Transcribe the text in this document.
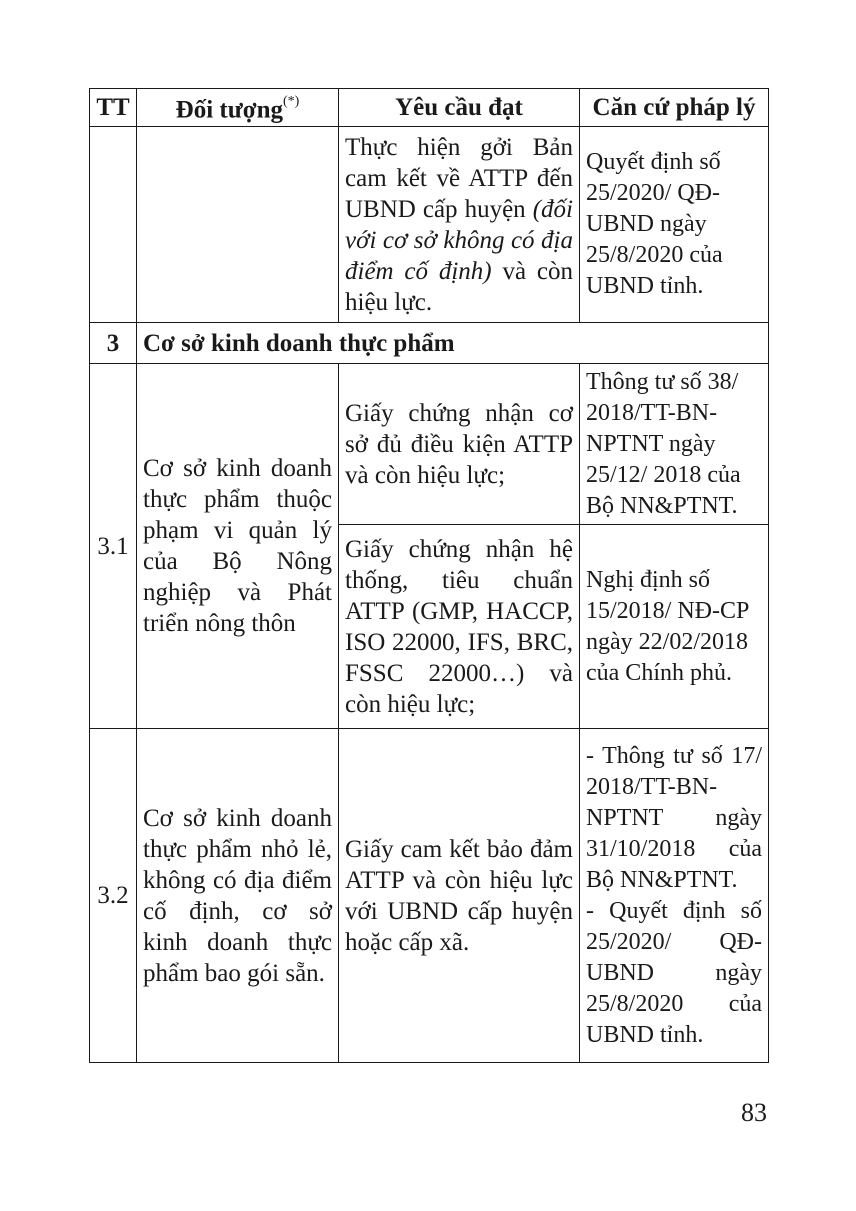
TT	Đối tượng(*)	Yêu cầu đạt	Căn cứ pháp lý
		Thực hiện gởi Bản cam kết về ATTP đến UBND cấp huyện (đối với cơ sở không có địa điểm cố định) và còn hiệu lực.	Quyết định số 25/2020/ QĐ-UBND ngày 25/8/2020 của UBND tỉnh.
3	Cơ sở kinh doanh thực phẩm		
3.1	Cơ sở kinh doanh thực phẩm thuộc phạm vi quản lý của Bộ Nông nghiệp và Phát triển nông thôn	Giấy chứng nhận cơ sở đủ điều kiện ATTP và còn hiệu lực;	Thông tư số 38/ 2018/TT-BN-NPTNT ngày 25/12/ 2018 của Bộ NN&PTNT.
		Giấy chứng nhận hệ thống, tiêu chuẩn ATTP (GMP, HACCP, ISO 22000, IFS, BRC, FSSC 22000…) và còn hiệu lực;	Nghị định số 15/2018/ NĐ-CP ngày 22/02/2018 của Chính phủ.
3.2	Cơ sở kinh doanh thực phẩm nhỏ lẻ, không có địa điểm cố định, cơ sở kinh doanh thực phẩm bao gói sẵn.	Giấy cam kết bảo đảm ATTP và còn hiệu lực với UBND cấp huyện hoặc cấp xã.	- Thông tư số 17/ 2018/TT-BN-NPTNT ngày 31/10/2018 của Bộ NN&PTNT.
- Quyết định số 25/2020/ QĐ-UBND ngày 25/8/2020 của UBND tỉnh.
83
